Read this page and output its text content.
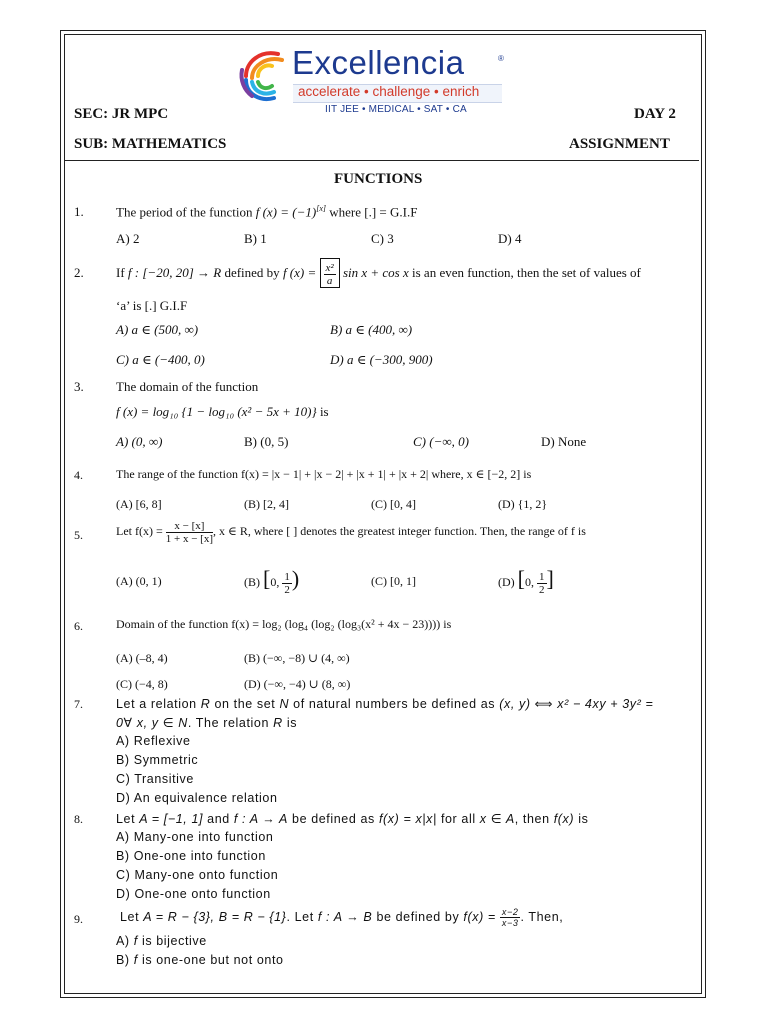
Excellencia	®
accelerate • challenge • enrich
IIT JEE • MEDICAL • SAT • CA
SEC: JR MPC	DAY 2
SUB: MATHEMATICS	ASSIGNMENT
FUNCTIONS
1. The period of the function f (x) = (−1)[x] where [.] = G.I.F
A) 2	B) 1	C) 3	D) 4
2. If f : [−20, 20] → R defined by f $(x) = \frac{\text{x²}}{a}$ sin x + cos x is an even function, then the set of values of
‘a’ is [.] G.I.F
A) a ∈ (500, ∞)	B) a ∈ (400, ∞)
C) a ∈ (−400, 0)	D) a ∈ (−300, 900)
3. The domain of the function
f (x) = log₁₀ {1 − log₁₀ (x² − 5x + 10)} is
A) (0, ∞)	B) (0, 5)	C) (−∞, 0)	D) None
4.	The range of the function f(x) = |x − 1| + |x − 2| + |x + 1| + |x + 2| where, x ∈ [−2, 2] is
(A) [6, 8]	(B) [2, 4]	(C) [0, 4]	(D) {1, 2}
5.	Let $f(x) = \frac{x - [x]}{1 + x - [x]}$ , x ∈ R, where [ ] denotes the greatest integer function. Then, the range of f is
(A) (0, 1)	(B) [0, $\frac{1}{2}$ )	(C) [0, 1]	(D) [0, $\frac{1}{2}$ ]
6.	Domain of the function f(x) = log₂ (log₄ (log₂ (log₃(x² + 4x − 23)))) is
(A) (–8, 4)	(B) (−∞, −8) ∪ (4, ∞)
(C) (−4, 8)	(D) (−∞, −4) ∪ (8, ∞)
7.	Let a relation R on the set N of natural numbers be defined as (x, y) ⟺ x² − 4xy + 3y² =
0∀ x, y ∈ N. The relation R is
A) Reflexive
B) Symmetric
C) Transitive
D) An equivalence relation
8.	Let A = [−1, 1] and f : A → A be defined as f(x) = x|x| for all x ∈ A, then f(x) is
A) Many-one into function
B) One-one into function
C) Many-one onto function
D) One-one onto function
9.	Let A = R − {3}, B = R − {1}. Let f : A → B be defined by $f(x) = \frac{x-2}{x-3}$ . Then,
A) f is bijective
B) f is one-one but not onto
